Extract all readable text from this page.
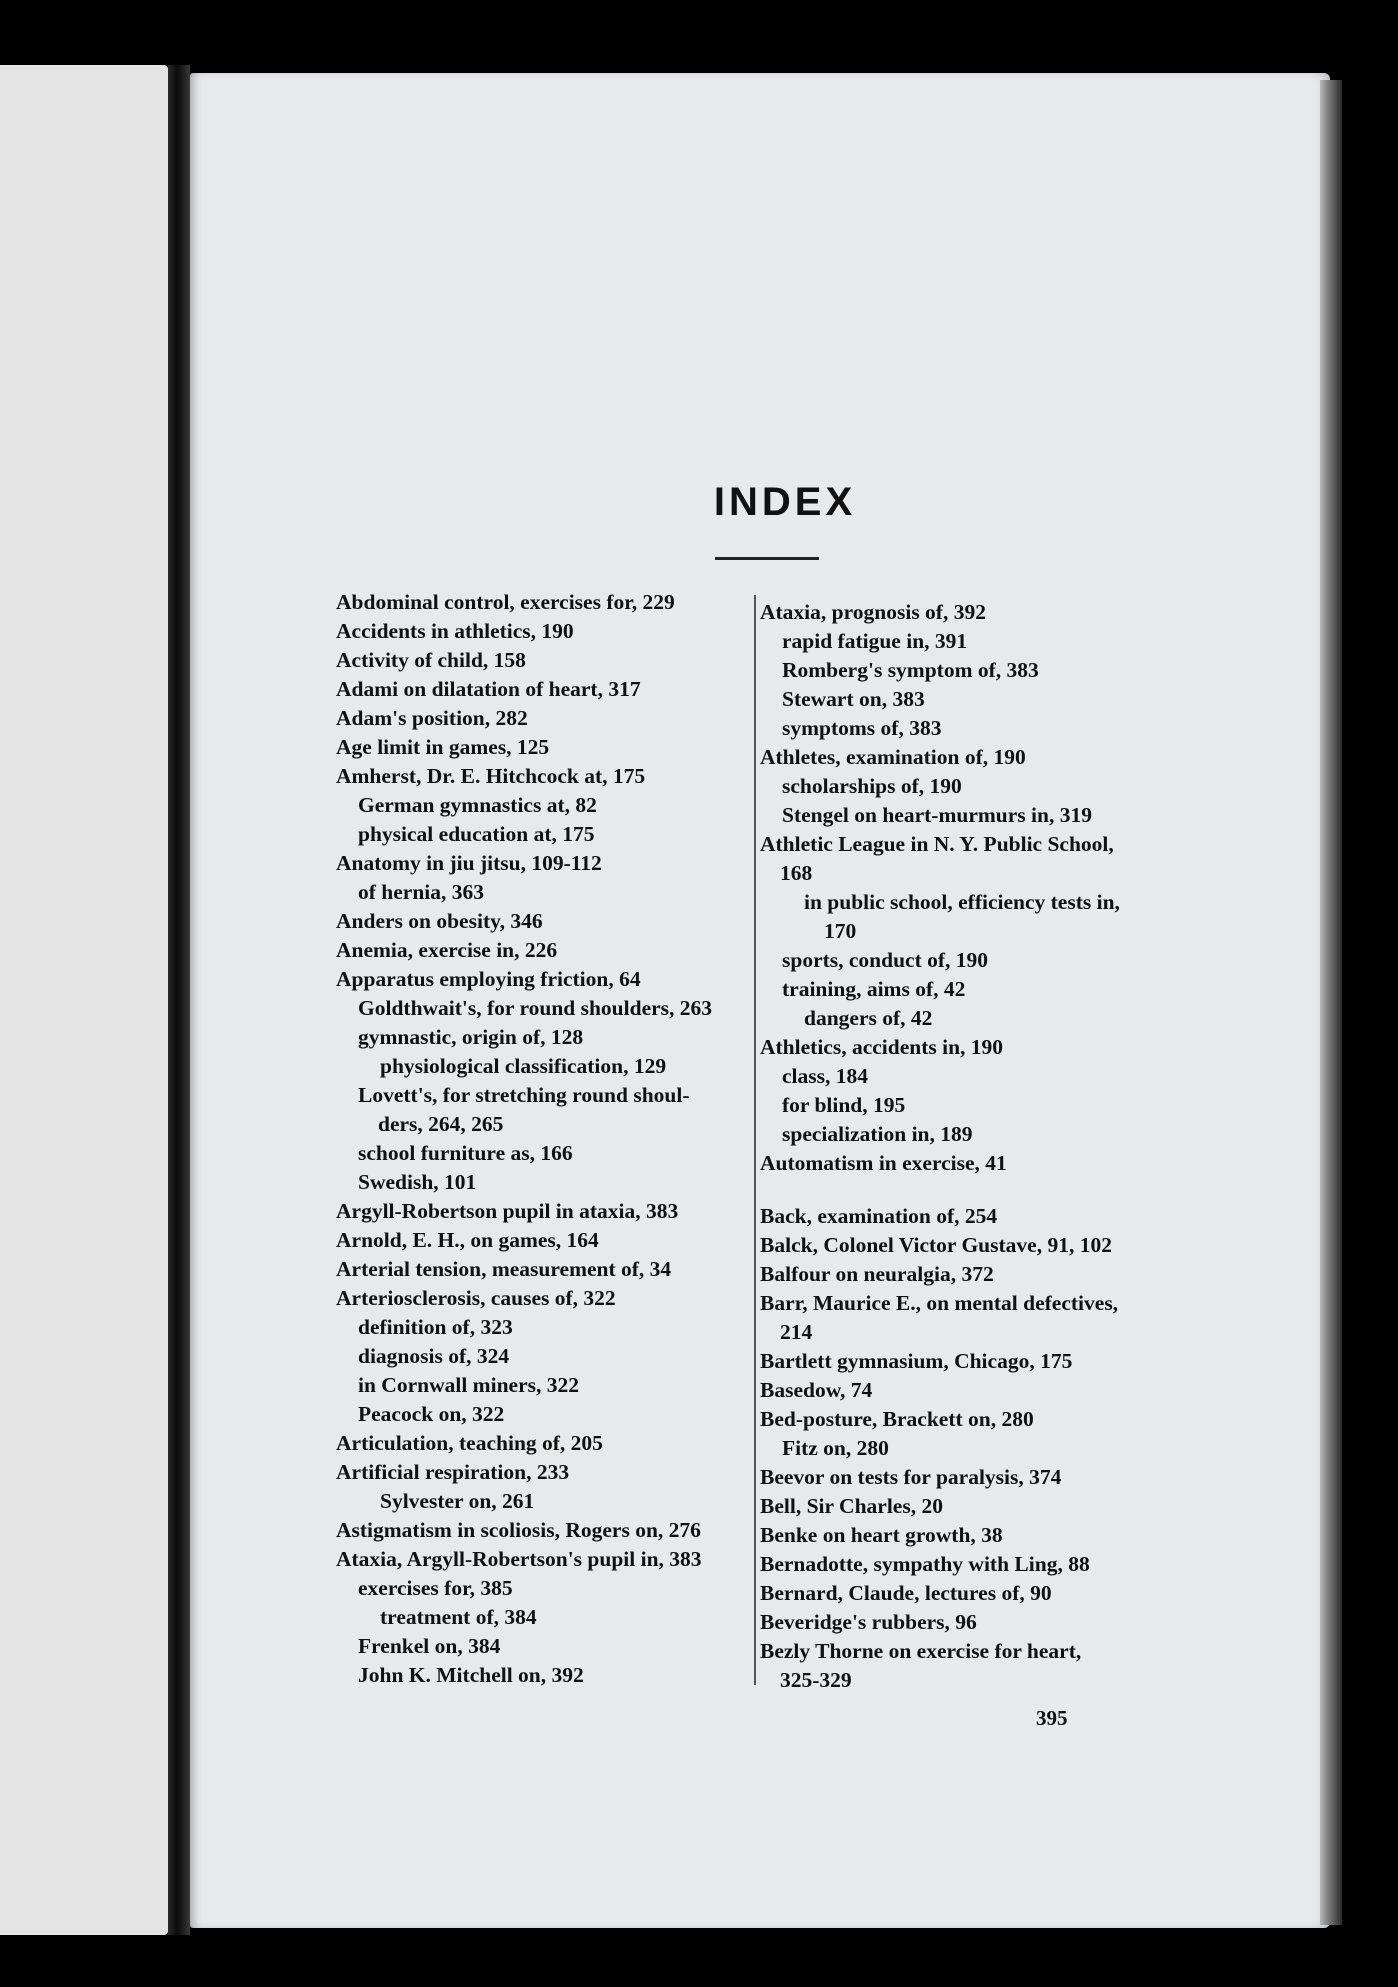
INDEX
Abdominal control, exercises for, 229
Accidents in athletics, 190
Activity of child, 158
Adami on dilatation of heart, 317
Adam's position, 282
Age limit in games, 125
Amherst, Dr. E. Hitchcock at, 175
German gymnastics at, 82
physical education at, 175
Anatomy in jiu jitsu, 109-112
of hernia, 363
Anders on obesity, 346
Anemia, exercise in, 226
Apparatus employing friction, 64
Goldthwait's, for round shoulders, 263
gymnastic, origin of, 128
physiological classification, 129
Lovett's, for stretching round shoul-
ders, 264, 265
school furniture as, 166
Swedish, 101
Argyll-Robertson pupil in ataxia, 383
Arnold, E. H., on games, 164
Arterial tension, measurement of, 34
Arteriosclerosis, causes of, 322
definition of, 323
diagnosis of, 324
in Cornwall miners, 322
Peacock on, 322
Articulation, teaching of, 205
Artificial respiration, 233
Sylvester on, 261
Astigmatism in scoliosis, Rogers on, 276
Ataxia, Argyll-Robertson's pupil in, 383
exercises for, 385
treatment of, 384
Frenkel on, 384
John K. Mitchell on, 392
Ataxia, prognosis of, 392
rapid fatigue in, 391
Romberg's symptom of, 383
Stewart on, 383
symptoms of, 383
Athletes, examination of, 190
scholarships of, 190
Stengel on heart-murmurs in, 319
Athletic League in N. Y. Public School,
168
in public school, efficiency tests in,
170
sports, conduct of, 190
training, aims of, 42
dangers of, 42
Athletics, accidents in, 190
class, 184
for blind, 195
specialization in, 189
Automatism in exercise, 41
Back, examination of, 254
Balck, Colonel Victor Gustave, 91, 102
Balfour on neuralgia, 372
Barr, Maurice E., on mental defectives,
214
Bartlett gymnasium, Chicago, 175
Basedow, 74
Bed-posture, Brackett on, 280
Fitz on, 280
Beevor on tests for paralysis, 374
Bell, Sir Charles, 20
Benke on heart growth, 38
Bernadotte, sympathy with Ling, 88
Bernard, Claude, lectures of, 90
Beveridge's rubbers, 96
Bezly Thorne on exercise for heart,
325-329
395
